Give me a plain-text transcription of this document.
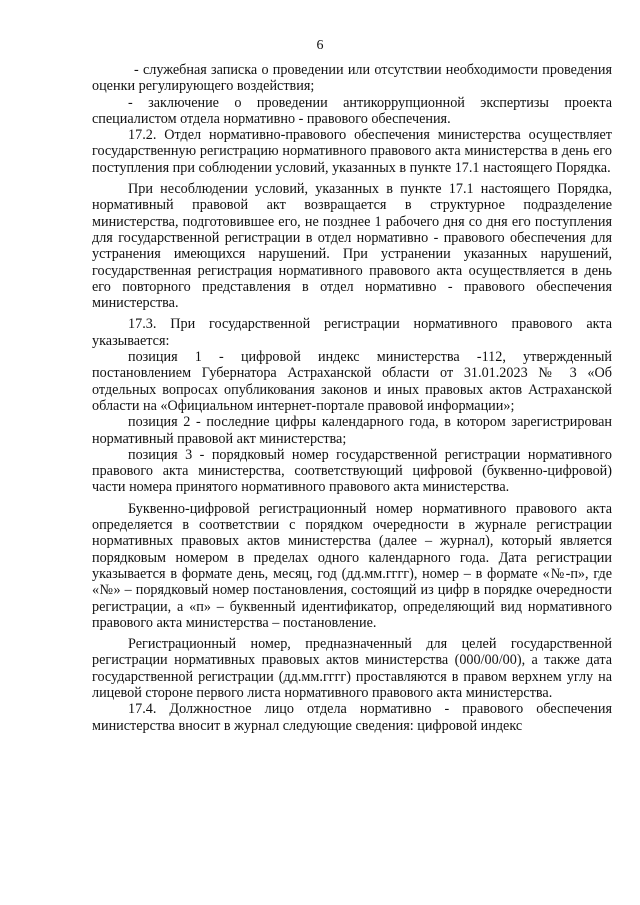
6

- служебная записка о проведении или отсутствии необходимости проведения оценки регулирующего воздействия;

- заключение о проведении антикоррупционной экспертизы проекта специалистом отдела нормативно - правового обеспечения.

17.2. Отдел нормативно-правового обеспечения министерства осуществляет государственную регистрацию нормативного правового акта министерства в день его поступления при соблюдении условий, указанных в пункте 17.1 настоящего Порядка.

При несоблюдении условий, указанных в пункте 17.1 настоящего Порядка, нормативный правовой акт возвращается в структурное подразделение министерства, подготовившее его, не позднее 1 рабочего дня со дня его поступления для государственной регистрации в отдел нормативно - правового обеспечения для устранения имеющихся нарушений. При устранении указанных нарушений, государственная регистрация нормативного правового акта осуществляется в день его повторного представления в отдел нормативно - правового обеспечения министерства.

17.3. При государственной регистрации нормативного правового акта указывается:

позиция 1 - цифровой индекс министерства -112, утвержденный постановлением Губернатора Астраханской области от 31.01.2023 № 3 «Об отдельных вопросах опубликования законов и иных правовых актов Астраханской области на «Официальном интернет-портале правовой информации»;

позиция 2 - последние цифры календарного года, в котором зарегистрирован нормативный правовой акт министерства;

позиция 3 - порядковый номер государственной регистрации нормативного правового акта министерства, соответствующий цифровой (буквенно-цифровой) части номера принятого нормативного правового акта министерства.

Буквенно-цифровой регистрационный номер нормативного правового акта определяется в соответствии с порядком очередности в журнале регистрации нормативных правовых актов министерства (далее – журнал), который является порядковым номером в пределах одного календарного года. Дата регистрации указывается в формате день, месяц, год (дд.мм.гггг), номер – в формате «№-п», где «№» – порядковый номер постановления, состоящий из цифр в порядке очередности регистрации, а «п» – буквенный идентификатор, определяющий вид нормативного правового акта министерства – постановление.

Регистрационный номер, предназначенный для целей государственной регистрации нормативных правовых актов министерства (000/00/00), а также дата государственной регистрации (дд.мм.гггг) проставляются в правом верхнем углу на лицевой стороне первого листа нормативного правового акта министерства.

17.4. Должностное лицо отдела нормативно - правового обеспечения министерства вносит в журнал следующие сведения: цифровой индекс
